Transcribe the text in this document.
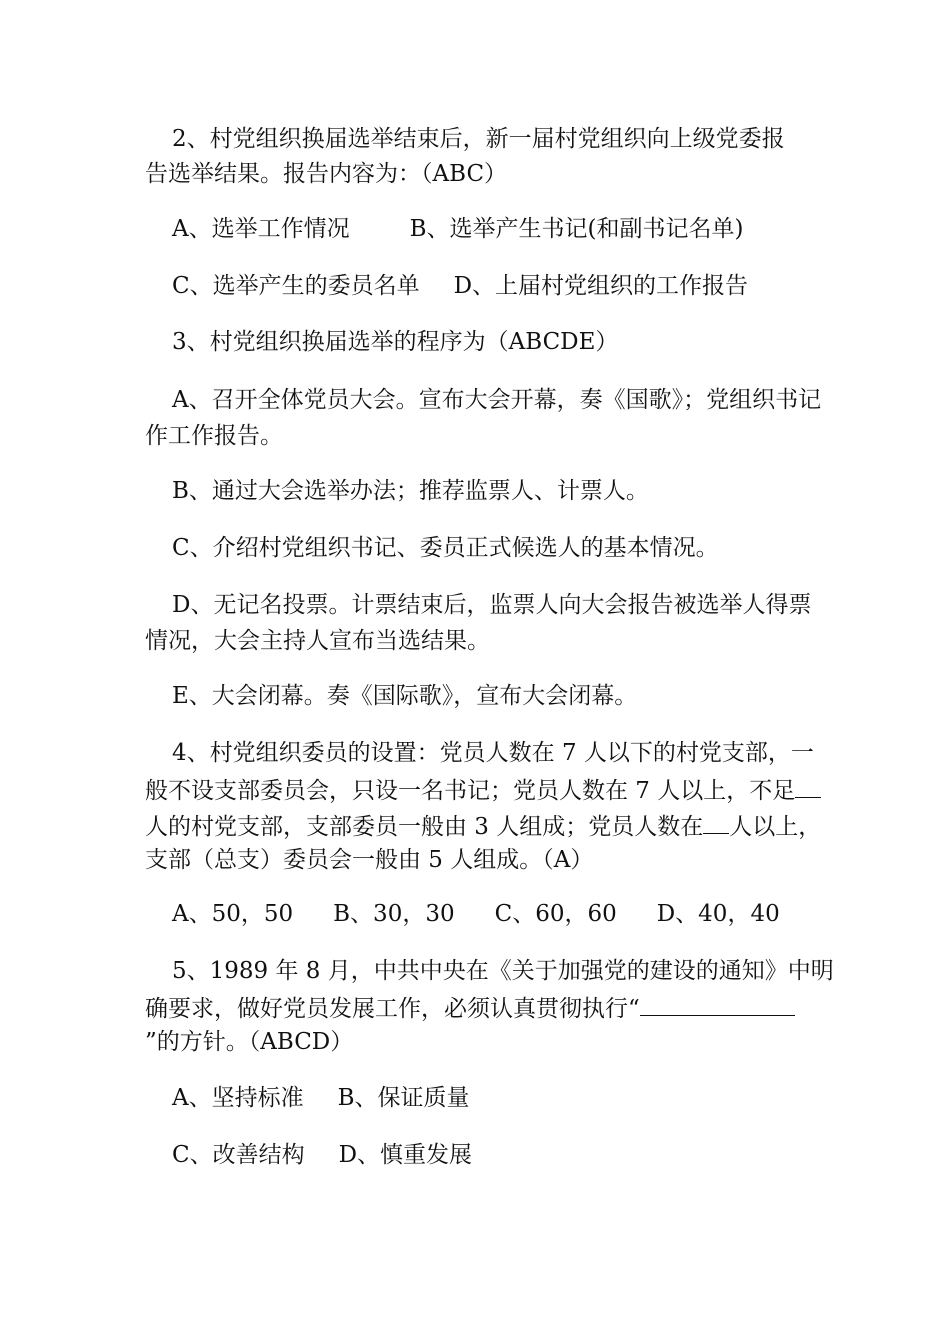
2、村党组织换届选举结束后，新一届村党组织向上级党委报
告选举结果。报告内容为：（ABC）
A、选举工作情况	B、选举产生书记(和副书记名单)
C、选举产生的委员名单 D、上届村党组织的工作报告
3、村党组织换届选举的程序为（ABCDE）
A、召开全体党员大会。宣布大会开幕，奏《国歌》；党组织书记
作工作报告。
B、通过大会选举办法；推荐监票人、计票人。
C、介绍村党组织书记、委员正式候选人的基本情况。
D、无记名投票。计票结束后，监票人向大会报告被选举人得票
情况，大会主持人宣布当选结果。
E、大会闭幕。奏《国际歌》，宣布大会闭幕。
4、村党组织委员的设置：党员人数在 7 人以下的村党支部，一
般不设支部委员会，只设一名书记；党员人数在 7 人以上，不足
人的村党支部，支部委员一般由 3 人组成；党员人数在 人以上，
支部（总支）委员会一般由 5 人组成。（A）
A、50，50 B、30，30 C、60，60 D、40，40
5、1989 年 8 月，中共中央在《关于加强党的建设的通知》中明
确要求，做好党员发展工作，必须认真贯彻执行“
”的方针。（ABCD）
A、坚持标准 B、保证质量
C、改善结构 D、慎重发展
